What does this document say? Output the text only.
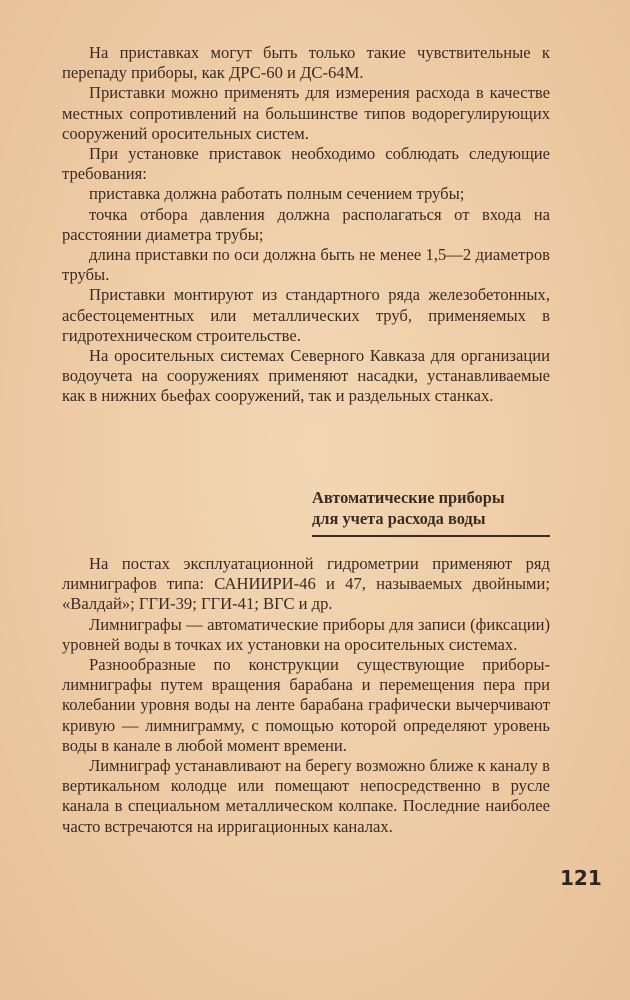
На приставках могут быть только такие чувствительные к перепаду приборы, как ДРС-60 и ДС-64М.

Приставки можно применять для измерения расхода в качестве местных сопротивлений на большинстве типов водорегулирующих сооружений оросительных систем.

При установке приставок необходимо соблюдать следующие требования:

приставка должна работать полным сечением трубы;

точка отбора давления должна располагаться от входа на расстоянии диаметра трубы;

длина приставки по оси должна быть не менее 1,5—2 диаметров трубы.

Приставки монтируют из стандартного ряда железобетонных, асбестоцементных или металлических труб, применяемых в гидротехническом строительстве.

На оросительных системах Северного Кавказа для организации водоучета на сооружениях применяют насадки, устанавливаемые как в нижних бьефах сооружений, так и раздельных станках.

Автоматические приборы
для учета расхода воды

На постах эксплуатационной гидрометрии применяют ряд лимниграфов типа: САНИИРИ-46 и 47, называемых двойными; «Валдай»; ГГИ-39; ГГИ-41; ВГС и др.

Лимниграфы — автоматические приборы для записи (фиксации) уровней воды в точках их установки на оросительных системах.

Разнообразные по конструкции существующие приборы-лимниграфы путем вращения барабана и перемещения пера при колебании уровня воды на ленте барабана графически вычерчивают кривую — лимниграмму, с помощью которой определяют уровень воды в канале в любой момент времени.

Лимниграф устанавливают на берегу возможно ближе к каналу в вертикальном колодце или помещают непосредственно в русле канала в специальном металлическом колпаке. Последние наиболее часто встречаются на ирригационных каналах.

121
